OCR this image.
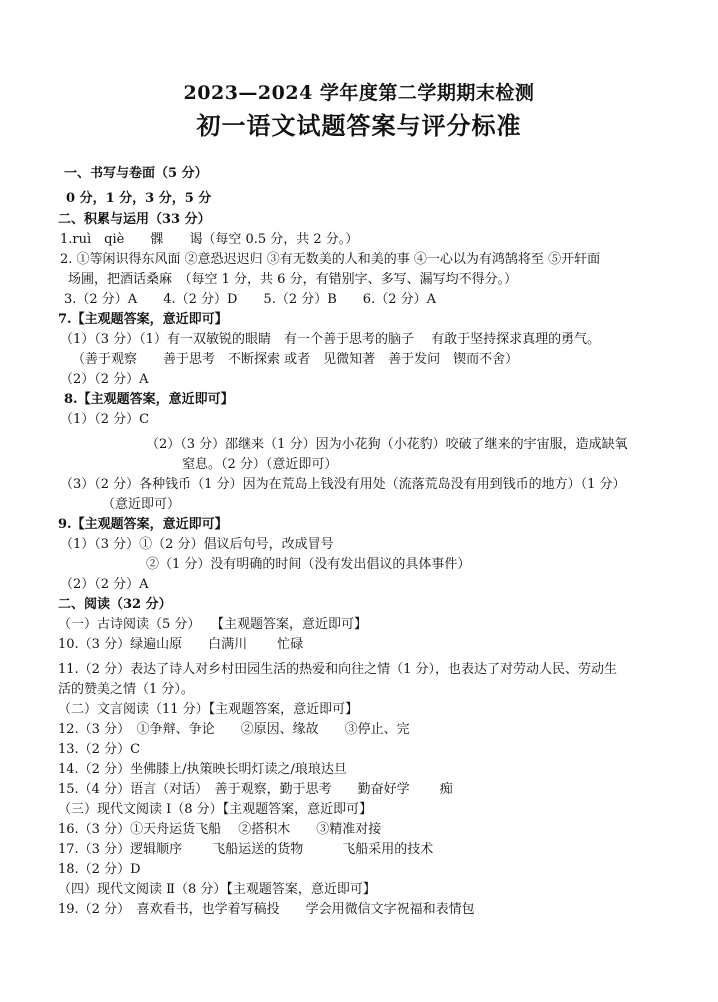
2023—2024 学年度第二学期期末检测
初一语文试题答案与评分标准
一、书写与卷面（5 分）
0 分，1 分，3 分，5 分
二、积累与运用（33 分）
1.ruì　qiè　　髁　　谒（每空 0.5 分，共 2 分。）
2. ①等闲识得东风面 ②意恐迟迟归 ③有无数美的人和美的事 ④一心以为有鸿鹄将至 ⑤开轩面
场圃，把酒话桑麻　（每空 1 分，共 6 分，有错别字、多写、漏写均不得分。）
3.（2 分）A　　4.（2 分）D　　5.（2 分）B　　6.（2 分）A
7.【主观题答案，意近即可】
（1）（3 分）（1）有一双敏锐的眼睛　有一个善于思考的脑子　 有敢于坚持探求真理的勇气。
（善于观察　　善于思考　不断探索 或者　见微知著　善于发问　锲而不舍）
（2）（2 分）A
8.【主观题答案，意近即可】
（1）（2 分）C
（2）（3 分）邵继来（1 分）因为小花狗（小花豹）咬破了继来的宇宙服，造成缺氧
窒息。（2 分）（意近即可）
（3）（2 分）各种钱币（1 分）因为在荒岛上钱没有用处（流落荒岛没有用到钱币的地方）（1 分）
（意近即可）
9.【主观题答案，意近即可】
（1）（3 分）①（2 分）倡议后句号，改成冒号
②（1 分）没有明确的时间（没有发出倡议的具体事件）
（2）（2 分）A
二、阅读（32 分）
（一）古诗阅读（5 分）　 【主观题答案，意近即可】
10.（3 分）绿遍山原　　白满川　　 忙碌
11.（2 分）表达了诗人对乡村田园生活的热爱和向往之情（1 分），也表达了对劳动人民、劳动生
活的赞美之情（1 分）。
（二）文言阅读（11 分）【主观题答案，意近即可】
12.（3 分）　①争辩、争论　　②原因、缘故　　③停止、完
13.（2 分）C
14.（2 分）坐佛膝上/执策映长明灯读之/琅琅达旦
15.（4 分）语言（对话）　善于观察，勤于思考　　勤奋好学　　 痴
（三）现代文阅读 Ⅰ（8 分）【主观题答案，意近即可】
16.（3 分）①天舟运货飞船　 ②搭积木　　③精准对接
17.（3 分）逻辑顺序　　 飞船运送的货物　　　飞船采用的技术
18.（2 分）D
（四）现代文阅读 Ⅱ（8 分）【主观题答案，意近即可】
19.（2 分）　喜欢看书，也学着写稿投　　学会用微信文字祝福和表情包
